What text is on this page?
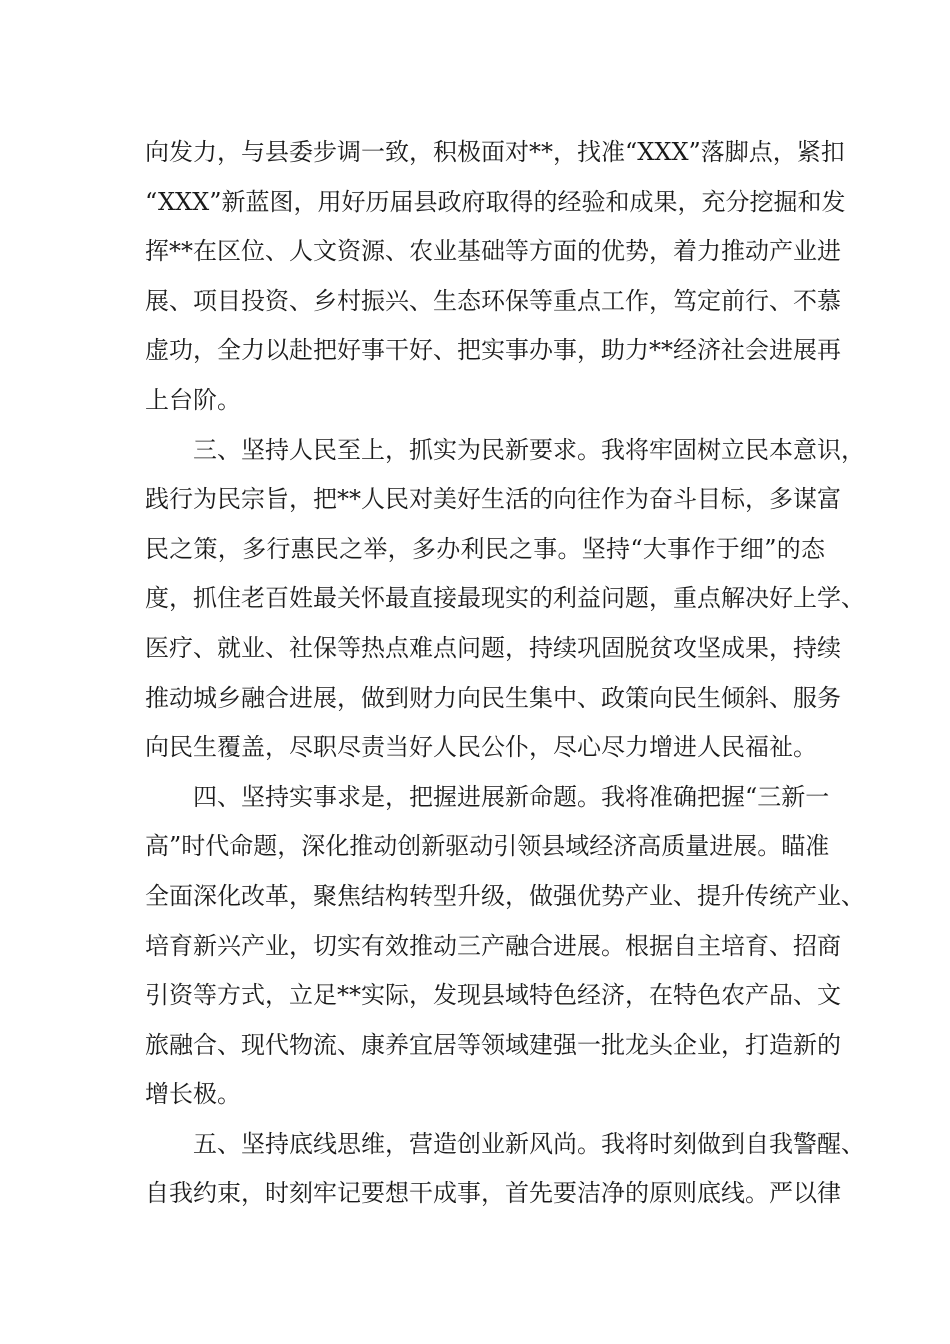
向发力，与县委步调一致，积极面对**，找准“XXX”落脚点，紧扣
“XXX”新蓝图，用好历届县政府取得的经验和成果，充分挖掘和发
挥**在区位、人文资源、农业基础等方面的优势，着力推动产业进
展、项目投资、乡村振兴、生态环保等重点工作，笃定前行、不慕
虚功，全力以赴把好事干好、把实事办事，助力**经济社会进展再
上台阶。
三、坚持人民至上，抓实为民新要求。我将牢固树立民本意识，
践行为民宗旨，把**人民对美好生活的向往作为奋斗目标，多谋富
民之策，多行惠民之举，多办利民之事。坚持“大事作于细”的态
度，抓住老百姓最关怀最直接最现实的利益问题，重点解决好上学、
医疗、就业、社保等热点难点问题，持续巩固脱贫攻坚成果，持续
推动城乡融合进展，做到财力向民生集中、政策向民生倾斜、服务
向民生覆盖，尽职尽责当好人民公仆，尽心尽力增进人民福祉。
四、坚持实事求是，把握进展新命题。我将准确把握“三新一
高”时代命题，深化推动创新驱动引领县域经济高质量进展。瞄准
全面深化改革，聚焦结构转型升级，做强优势产业、提升传统产业、
培育新兴产业，切实有效推动三产融合进展。根据自主培育、招商
引资等方式，立足**实际，发现县域特色经济，在特色农产品、文
旅融合、现代物流、康养宜居等领域建强一批龙头企业，打造新的
增长极。
五、坚持底线思维，营造创业新风尚。我将时刻做到自我警醒、
自我约束，时刻牢记要想干成事，首先要洁净的原则底线。严以律
